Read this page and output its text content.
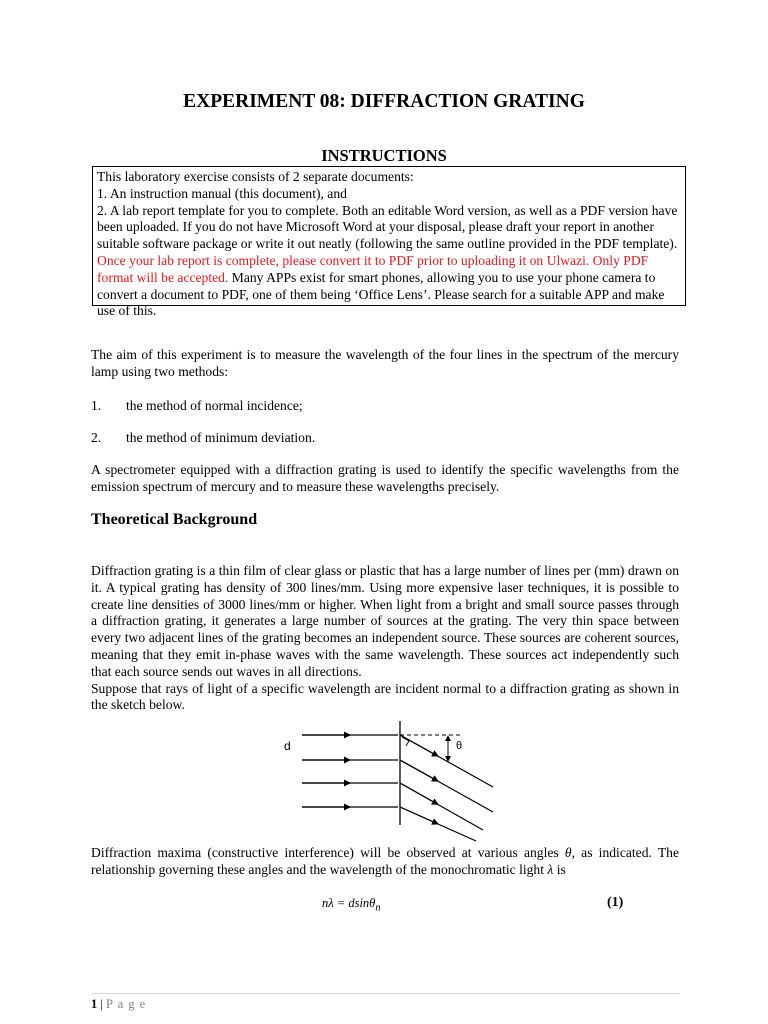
EXPERIMENT 08: DIFFRACTION GRATING
INSTRUCTIONS

This laboratory exercise consists of 2 separate documents:

1. An instruction manual (this document), and

2. A lab report template for you to complete. Both an editable Word version, as well as a PDF version have been uploaded. If you do not have Microsoft Word at your disposal, please draft your report in another suitable software package or write it out neatly (following the same outline provided in the PDF template).

Once your lab report is complete, please convert it to PDF prior to uploading it on Ulwazi. Only PDF format will be accepted. Many APPs exist for smart phones, allowing you to use your phone camera to convert a document to PDF, one of them being ‘Office Lens’. Please search for a suitable APP and make use of this.

The aim of this experiment is to measure the wavelength of the four lines in the spectrum of the mercury lamp using two methods:

1. the method of normal incidence;
2. the method of minimum deviation.

A spectrometer equipped with a diffraction grating is used to identify the specific wavelengths from the emission spectrum of mercury and to measure these wavelengths precisely.

Theoretical Background

Diffraction grating is a thin film of clear glass or plastic that has a large number of lines per (mm) drawn on it. A typical grating has density of 300 lines/mm. Using more expensive laser techniques, it is possible to create line densities of 3000 lines/mm or higher. When light from a bright and small source passes through a diffraction grating, it generates a large number of sources at the grating. The very thin space between every two adjacent lines of the grating becomes an independent source. These sources are coherent sources, meaning that they emit in-phase waves with the same wavelength. These sources act independently such that each source sends out waves in all directions.

Suppose that rays of light of a specific wavelength are incident normal to a diffraction grating as shown in the sketch below.

d	θ

Diffraction maxima (constructive interference) will be observed at various angles θ, as indicated. The relationship governing these angles and the wavelength of the monochromatic light λ is

nλ = dsinθ$_n$	(1)
1 | P a g e
